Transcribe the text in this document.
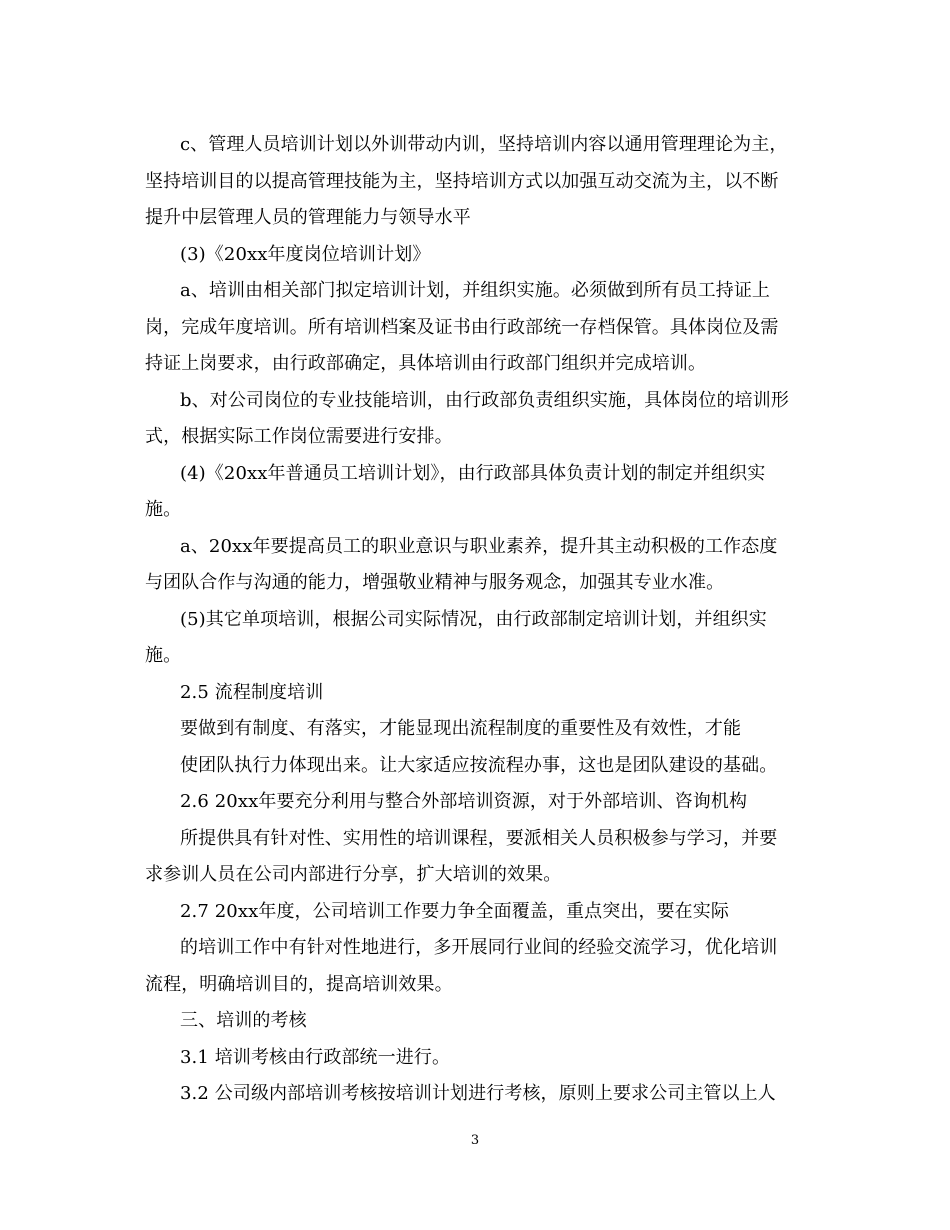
c、管理人员培训计划以外训带动内训，坚持培训内容以通用管理理论为主，
坚持培训目的以提高管理技能为主，坚持培训方式以加强互动交流为主，以不断
提升中层管理人员的管理能力与领导水平
(3)《20xx年度岗位培训计划》
a、培训由相关部门拟定培训计划，并组织实施。必须做到所有员工持证上
岗，完成年度培训。所有培训档案及证书由行政部统一存档保管。具体岗位及需
持证上岗要求，由行政部确定，具体培训由行政部门组织并完成培训。
b、对公司岗位的专业技能培训，由行政部负责组织实施，具体岗位的培训形
式，根据实际工作岗位需要进行安排。
(4)《20xx年普通员工培训计划》，由行政部具体负责计划的制定并组织实
施。
a、20xx年要提高员工的职业意识与职业素养，提升其主动积极的工作态度
与团队合作与沟通的能力，增强敬业精神与服务观念，加强其专业水准。
(5)其它单项培训，根据公司实际情况，由行政部制定培训计划，并组织实
施。
2.5 流程制度培训
要做到有制度、有落实，才能显现出流程制度的重要性及有效性，才能
使团队执行力体现出来。让大家适应按流程办事，这也是团队建设的基础。
2.6 20xx年要充分利用与整合外部培训资源，对于外部培训、咨询机构
所提供具有针对性、实用性的培训课程，要派相关人员积极参与学习，并要
求参训人员在公司内部进行分享，扩大培训的效果。
2.7 20xx年度，公司培训工作要力争全面覆盖，重点突出，要在实际
的培训工作中有针对性地进行，多开展同行业间的经验交流学习，优化培训
流程，明确培训目的，提高培训效果。
三、培训的考核
3.1 培训考核由行政部统一进行。
3.2 公司级内部培训考核按培训计划进行考核，原则上要求公司主管以上人
3
